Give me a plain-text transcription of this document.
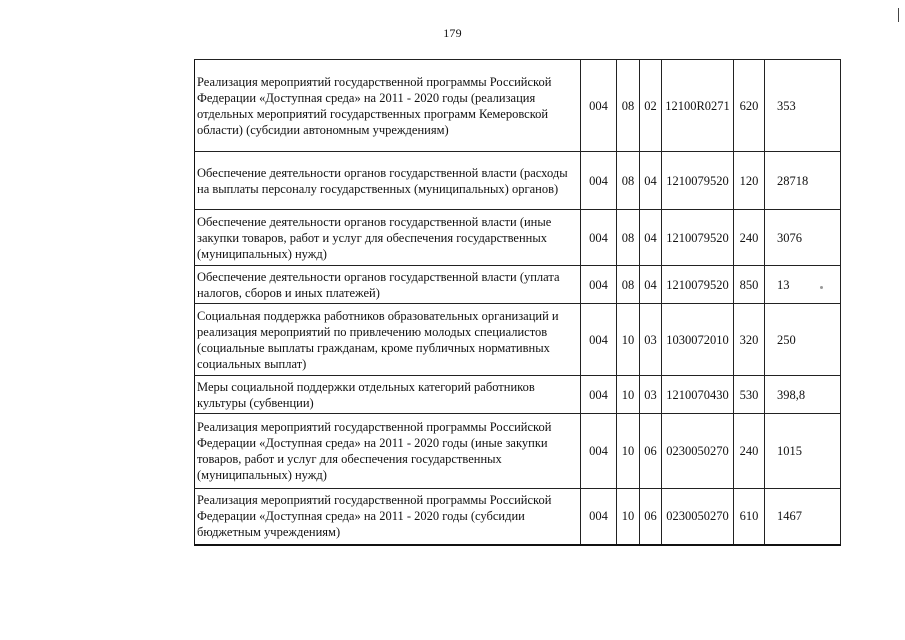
179
Реализация мероприятий государственной программы Российской Федерации «Доступная среда» на 2011 - 2020 годы (реализация отдельных мероприятий государственных программ Кемеровской области) (субсидии автономным учреждениям)	004	08	02	12100R0271	620	353
Обеспечение деятельности органов государственной власти (расходы на выплаты персоналу государственных (муниципальных) органов)	004	08	04	1210079520	120	28718
Обеспечение деятельности органов государственной власти (иные закупки товаров, работ и услуг для обеспечения государственных (муниципальных) нужд)	004	08	04	1210079520	240	3076
Обеспечение деятельности органов государственной власти (уплата налогов, сборов и иных платежей)	004	08	04	1210079520	850	13
Социальная поддержка работников образовательных организаций и реализация мероприятий по привлечению молодых специалистов (социальные выплаты гражданам, кроме публичных нормативных социальных выплат)	004	10	03	1030072010	320	250
Меры социальной поддержки отдельных категорий работников культуры (субвенции)	004	10	03	1210070430	530	398,8
Реализация мероприятий государственной программы Российской Федерации «Доступная среда» на 2011 - 2020 годы (иные закупки товаров, работ и услуг для обеспечения государственных (муниципальных) нужд)	004	10	06	0230050270	240	1015
Реализация мероприятий государственной программы Российской Федерации «Доступная среда» на 2011 - 2020 годы (субсидии бюджетным учреждениям)	004	10	06	0230050270	610	1467
